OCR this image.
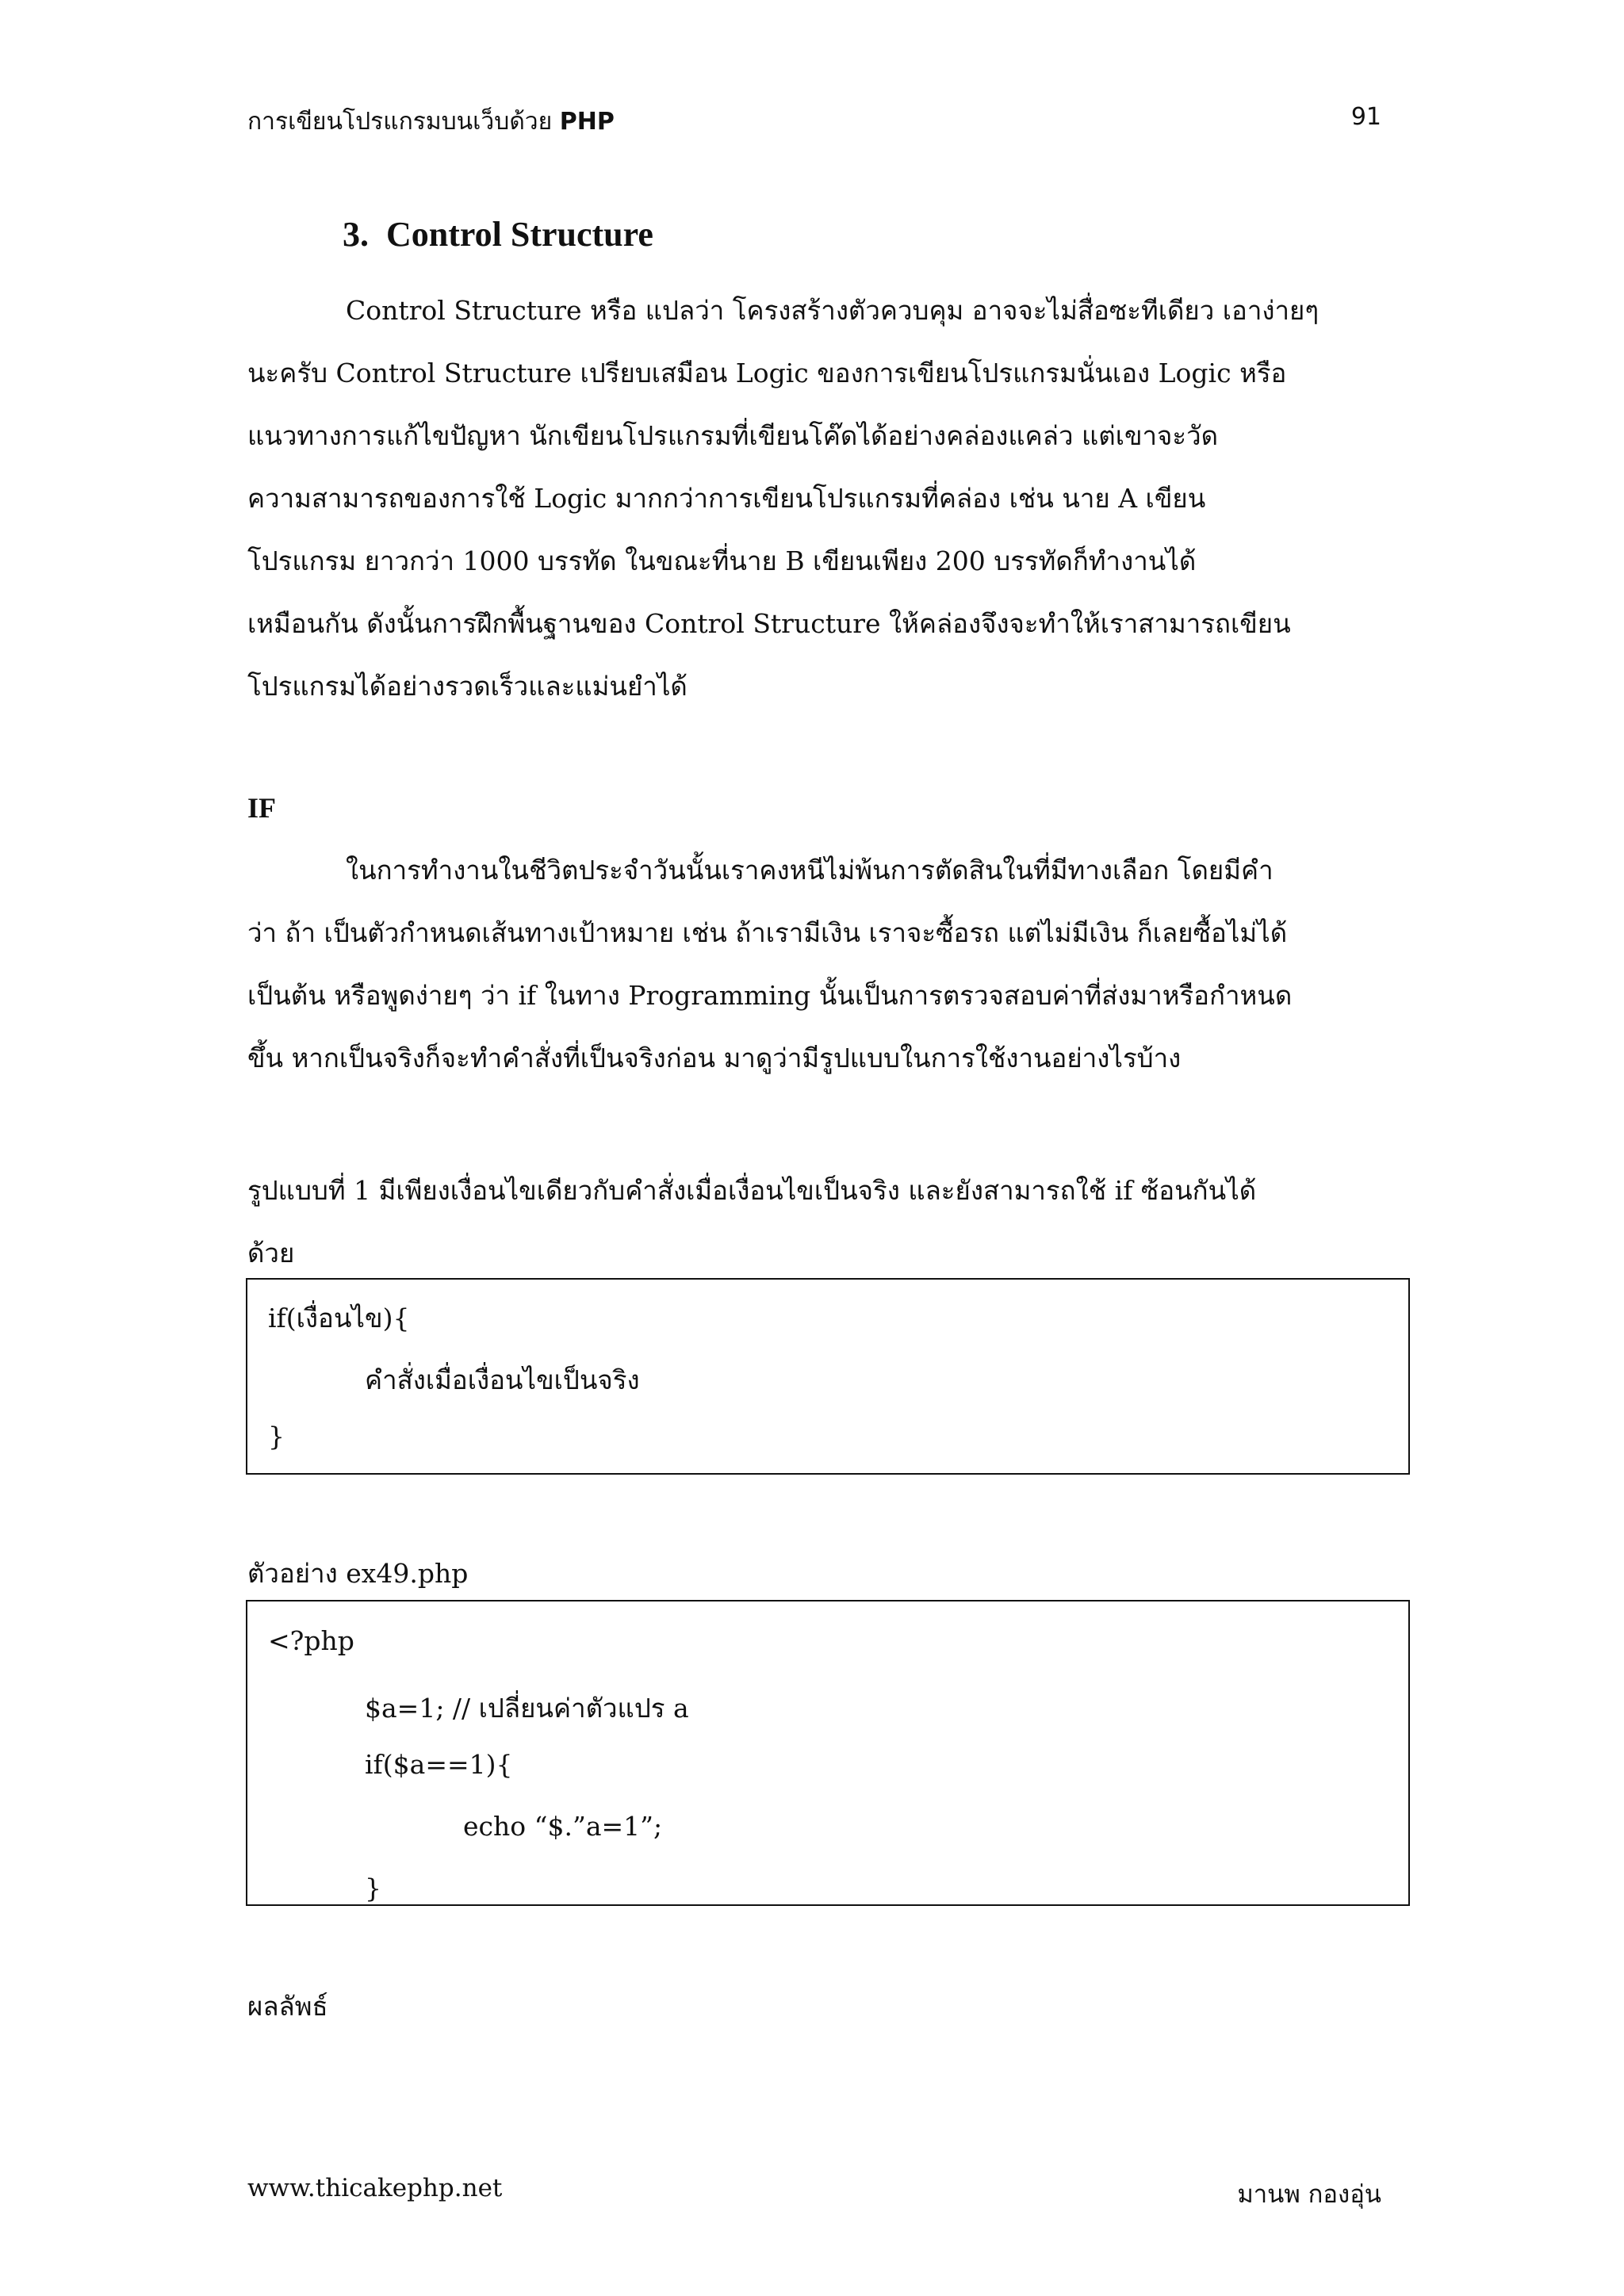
การเขียนโปรแกรมบนเว็บด้วย PHP	91
3. Control Structure
Control Structure หรือ แปลว่า โครงสร้างตัวควบคุม อาจจะไม่สื่อซะทีเดียว เอาง่ายๆ
นะครับ Control Structure เปรียบเสมือน Logic ของการเขียนโปรแกรมนั่นเอง Logic หรือ
แนวทางการแก้ไขปัญหา นักเขียนโปรแกรมที่เขียนโค๊ดได้อย่างคล่องแคล่ว แต่เขาจะวัด
ความสามารถของการใช้ Logic มากกว่าการเขียนโปรแกรมที่คล่อง เช่น นาย A เขียน
โปรแกรม ยาวกว่า 1000 บรรทัด ในขณะที่นาย B เขียนเพียง 200 บรรทัดก็ทำงานได้
เหมือนกัน ดังนั้นการฝึกพื้นฐานของ Control Structure ให้คล่องจึงจะทำให้เราสามารถเขียน
โปรแกรมได้อย่างรวดเร็วและแม่นยำได้
IF
ในการทำงานในชีวิตประจำวันนั้นเราคงหนีไม่พ้นการตัดสินในที่มีทางเลือก โดยมีคำ
ว่า ถ้า เป็นตัวกำหนดเส้นทางเป้าหมาย เช่น ถ้าเรามีเงิน เราจะซื้อรถ แต่ไม่มีเงิน ก็เลยซื้อไม่ได้
เป็นต้น หรือพูดง่ายๆ ว่า if ในทาง Programming นั้นเป็นการตรวจสอบค่าที่ส่งมาหรือกำหนด
ขึ้น หากเป็นจริงก็จะทำคำสั่งที่เป็นจริงก่อน มาดูว่ามีรูปแบบในการใช้งานอย่างไรบ้าง
รูปแบบที่ 1 มีเพียงเงื่อนไขเดียวกับคำสั่งเมื่อเงื่อนไขเป็นจริง และยังสามารถใช้ if ซ้อนกันได้
ด้วย
if(เงื่อนไข){
คำสั่งเมื่อเงื่อนไขเป็นจริง
}
ตัวอย่าง ex49.php
<?php
$a=1; // เปลี่ยนค่าตัวแปร a
if($a==1){
echo “$.”a=1”;
}
ผลลัพธ์
www.thicakephp.net	มานพ กองอุ่น
